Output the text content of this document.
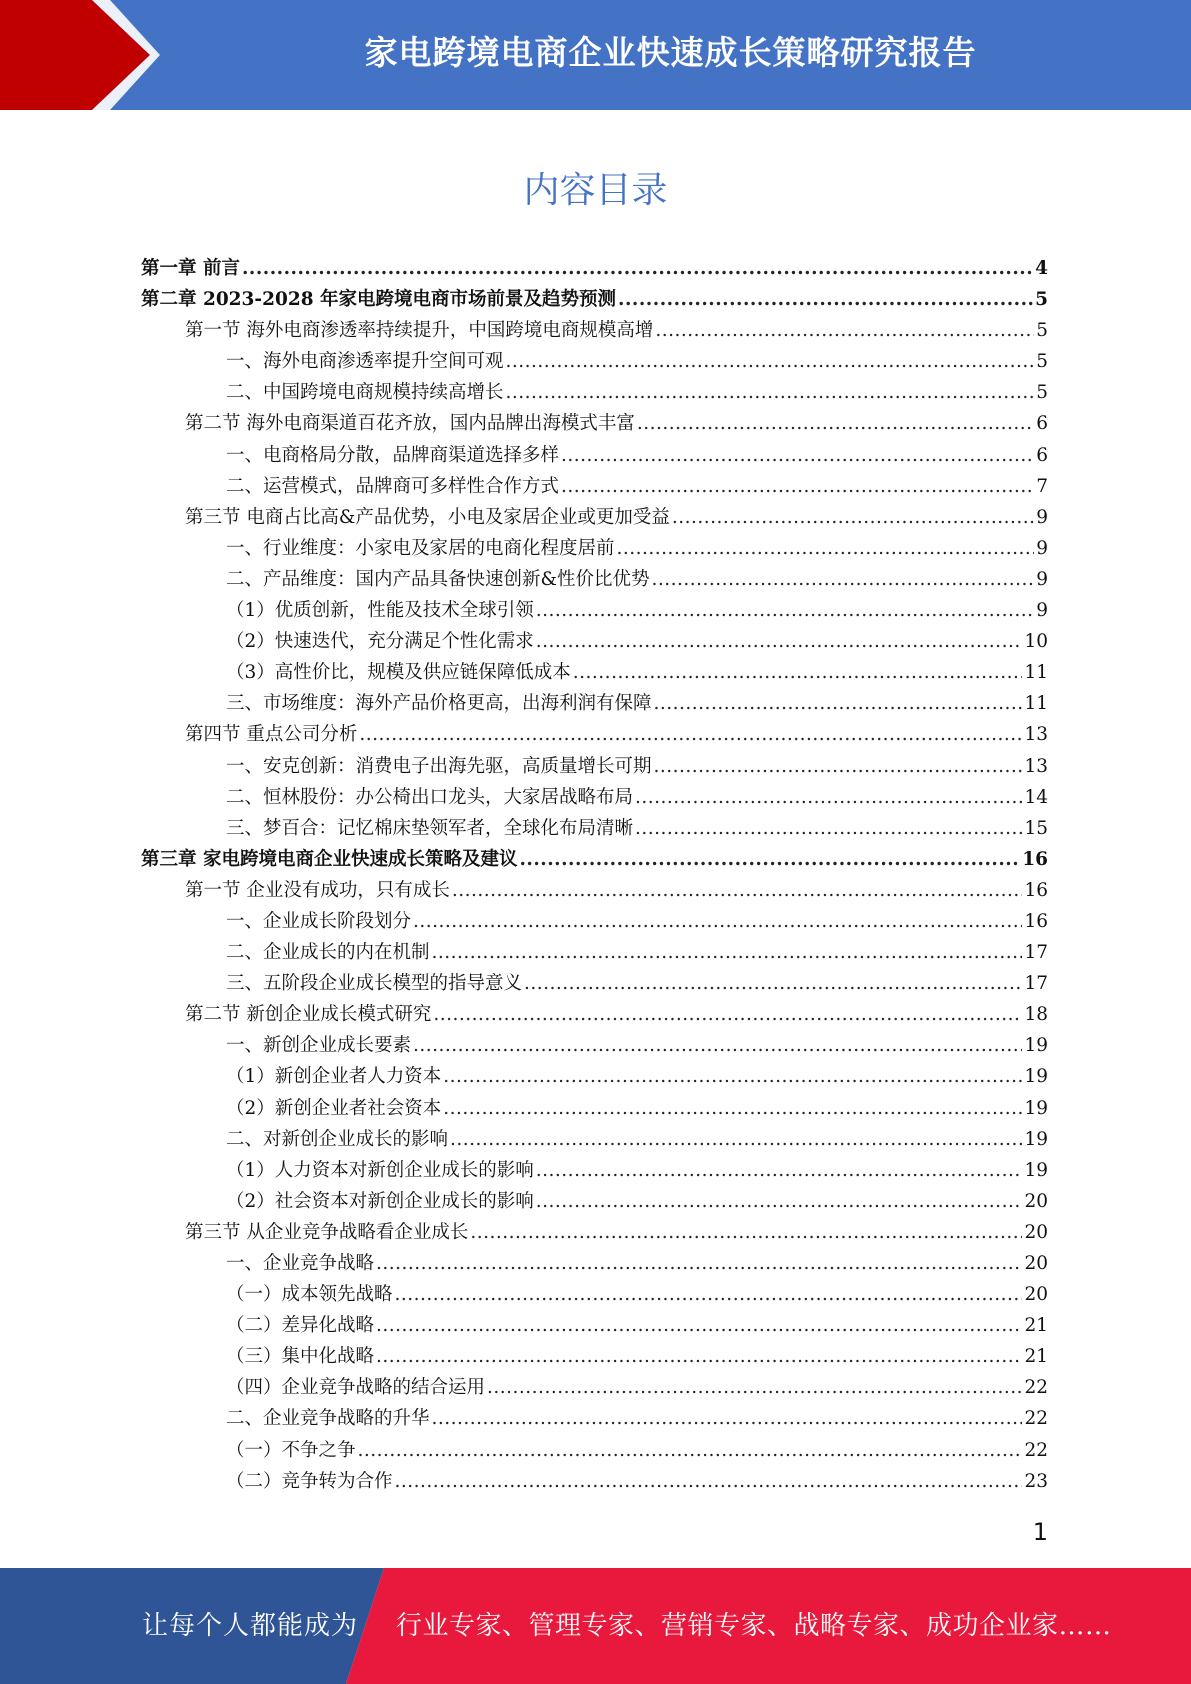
家电跨境电商企业快速成长策略研究报告
内容目录
第一章 前言 .....	4
第二章 2023-2028 年家电跨境电商市场前景及趋势预测 .....	5
第一节 海外电商渗透率持续提升，中国跨境电商规模高增 .....	5
一、海外电商渗透率提升空间可观 .....	5
二、中国跨境电商规模持续高增长 .....	5
第二节 海外电商渠道百花齐放，国内品牌出海模式丰富 .....	6
一、电商格局分散，品牌商渠道选择多样 .....	6
二、运营模式，品牌商可多样性合作方式 .....	7
第三节 电商占比高&产品优势，小电及家居企业或更加受益 .....	9
一、行业维度：小家电及家居的电商化程度居前 .....	9
二、产品维度：国内产品具备快速创新&性价比优势 .....	9
（1）优质创新，性能及技术全球引领 .....	9
（2）快速迭代，充分满足个性化需求 .....	10
（3）高性价比，规模及供应链保障低成本 .....	11
三、市场维度：海外产品价格更高，出海利润有保障 .....	11
第四节 重点公司分析 .....	13
一、安克创新：消费电子出海先驱，高质量增长可期 .....	13
二、恒林股份：办公椅出口龙头，大家居战略布局 .....	14
三、梦百合：记忆棉床垫领军者，全球化布局清晰 .....	15
第三章 家电跨境电商企业快速成长策略及建议 .....	16
第一节 企业没有成功，只有成长 .....	16
一、企业成长阶段划分 .....	16
二、企业成长的内在机制 .....	17
三、五阶段企业成长模型的指导意义 .....	17
第二节 新创企业成长模式研究 .....	18
一、新创企业成长要素 .....	19
（1）新创企业者人力资本 .....	19
（2）新创企业者社会资本 .....	19
二、对新创企业成长的影响 .....	19
（1）人力资本对新创企业成长的影响 .....	19
（2）社会资本对新创企业成长的影响 .....	20
第三节 从企业竞争战略看企业成长 .....	20
一、企业竞争战略 .....	20
（一）成本领先战略 .....	20
（二）差异化战略 .....	21
（三）集中化战略 .....	21
（四）企业竞争战略的结合运用 .....	22
二、企业竞争战略的升华 .....	22
（一）不争之争 .....	22
（二）竞争转为合作 .....	23
1
让每个人都能成为 行业专家、管理专家、营销专家、战略专家、成功企业家……
